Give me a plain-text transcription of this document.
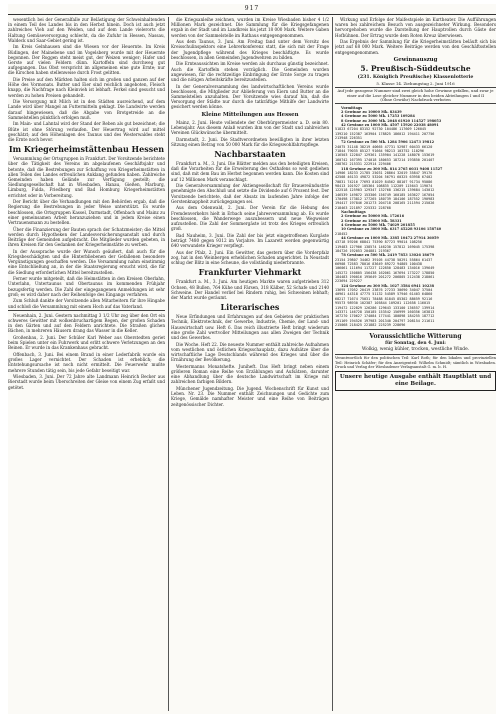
917

wesentlich bei der Generalfalle zur Belästigung der Schweinhaltenden in einem Teil des Landes bis in den Herbst hinein. Doch ist auch jetzt zahlreiches Vieh auf den Weiden, und auf dem Lande vielerorts die Haltung Gemüseversorgung schlecht, da die Zufuhr in Hessen, Nassau, Waldeck und Saar-Gebiet gering ist.

Im Kreis Gelnhausen sind die Wiesen vor der Heuernte. Im Kreis Büdingen, der Mainebene und im Vogelsberg wurde mit der Heuernte begonnen. Der Roggen steht meist gut, der Weizen weniger; Hafer und Gerste auf vielen Feldern dünn. Kartoffeln sind durchweg gut aufgegangen. Das Obst verspricht im allgemeinen eine gute Ernte; nur die Kirschen haben stellenweise durch Frost gelitten.

Die Preise auf den Märkten halten sich im großen und ganzen auf der Höhe des Vormonats. Butter und Eier sind reichlich angeboten, Fleisch knapp, die Nachfrage nach Kleinvieh ist lebhaft. Ferkel sind gesucht und werden zu hohen Preisen gehandelt.

Die Versorgung mit Milch ist in den Städten ausreichend, auf dem Lande wird über Mangel an Futtermitteln geklagt. Die Landwirte werden darauf hingewiesen, daß die Abgabe von Brotgetreide an die Sammelstellen pünktlich erfolgen muß.

Im Main- und Lahntal wird der Stand der Reben als gut bezeichnet; die Blüte ist ohne Störung verlaufen. Der Heuertrag wird auf mittel geschätzt; auf den Höhenlagen des Taunus und des Westerwaldes steht die Ernte noch bevor.

Im Kriegerheimstättenbau Hessen

Versammlung der Ortsgruppen in Frankfurt. Der Vorsitzende berichtete über die Tätigkeit des Vereins im abgelaufenen Geschäftsjahr und betonte, daß die Bestrebungen zur Schaffung von Kriegerheimstätten in allen Teilen des Landes erfreulichen Anklang gefunden haben. Zahlreiche Gemeinden haben Gelände zur Verfügung gestellt; die Siedlungsgesellschaft hat in Wiesbaden, Hanau, Gießen, Marburg, Limburg, Fulda, Friedberg und Bad Homburg Kriegerheimstätten errichtet oder in Vorbereitung.

Der Bericht über die Verhandlungen mit den Behörden ergab, daß die Regierung die Bestrebungen in jeder Weise unterstützt. Es wurde beschlossen, die Ortsgruppen Kassel, Darmstadt, Offenbach und Mainz zu einer gemeinsamen Arbeit heranzuziehen und in jedem Kreise einen Vertrauensmann zu bestellen.

Über die Finanzierung der Bauten sprach der Schatzmeister; die Mittel werden durch Hypotheken der Landesversicherungsanstalt und durch Beiträge der Gemeinden aufgebracht. Die Mitglieder wurden gebeten, in ihren Kreisen für den Gedanken der Kriegerheimstätte zu werben.

In der Aussprache wurde der Wunsch geäußert, daß auch für die Kriegsbeschädigten und die Hinterbliebenen der Gefallenen besondere Vergünstigungen geschaffen werden. Die Versammlung nahm einstimmig eine Entschließung an, in der die Staatsregierung ersucht wird, die für die Siedlung erforderlichen Mittel bereitzustellen.

Ferner wurde mitgeteilt, daß die Heimstätten in den Kreisen Oberlahn, Unterlahn, Untertaunus und Obertaunus im kommenden Frühjahr bezugsfertig werden. Die Zahl der eingegangenen Anmeldungen ist sehr groß; es wird daher nach der Reihenfolge des Eingangs verfahren.

Zum Schluß dankte der Vorsitzende allen Mitarbeitern für ihre Hingabe und schloß die Versammlung mit einem Hoch auf das Vaterland.

Neuenhain, 2. Juni. Gestern nachmittag 3 1/2 Uhr zog über den Ort ein schweres Gewitter mit wolkenbruchartigem Regen, der großen Schaden in den Gärten und auf den Feldern anrichtete. Die Straßen glichen Bächen, in mehreren Häusern drang das Wasser in die Keller.

Großenbau, 2. Juni. Der Schüler Karl Weber aus Oberstedten geriet beim Spielen unter ein Fuhrwerk und erlitt schwere Verletzungen an den Beinen. Er wurde in das Krankenhaus gebracht.

Offenbach, 3. Juni. Bei einem Brand in einer Lederfabrik wurde ein großes Lager vernichtet. Der Schaden ist erheblich; die Entstehungsursache ist noch nicht ermittelt. Die Feuerwehr mußte mehrere Stunden tätig sein, bis jede Gefahr beseitigt war.

Wiesbaden, 3. Juni. Der 72 Jahre alte Landmann Heinrich Becker aus Bierstadt wurde beim Überschreiten der Gleise von einem Zug erfaßt und getötet.

die Kriegsanleihe zeichnen, wurden im Kreise Wiesbaden bisher 4 1/2 Millionen Mark gezeichnet. Die Sammlung für die Kriegsgefangenen ergab in der Stadt und im Landkreis bis jetzt 18 000 Mark. Weitere Gaben werden von der Sammelstelle im Rathaus entgegengenommen.

Aus dem Taunus, 3. Juni. Am Freitag fand unter dem Vorsitz des Kreisschulinspektors eine Lehrerkonferenz statt, die sich mit der Frage der Jugendpflege während des Krieges beschäftigte. Es wurde beschlossen, in allen Gemeinden Jugendwehren zu bilden.

Die Ernteaussichten im Kreise werden als durchaus günstig bezeichnet. Auch die Kartoffeln stehen vorzüglich. Die Gemeinden wurden angewiesen, für die rechtzeitige Einbringung der Ernte Sorge zu tragen und die nötigen Arbeitskräfte bereitzustellen.

In der Generalversammlung des landwirtschaftlichen Vereins wurde beschlossen, die Mitglieder zur Ablieferung von Eiern und Butter an die Sammelstellen anzuhalten. Der Vorsitzende wies darauf hin, daß die Versorgung der Städte nur durch die tatkräftige Mithilfe der Landwirte gesichert werden könne.

Kleine Mitteilungen aus Hessen

Mainz, 2. Juni. Heute vollendete der Oberbürgermeister a. D. sein 80. Lebensjahr. Aus diesem Anlaß wurden ihm von der Stadt und zahlreichen Vereinen Glückwünsche übermittelt.

Darmstadt, 2. Juni. Die Stadtverordneten bewilligten in ihrer letzten Sitzung einen Betrag von 50 000 Mark für die Kriegswohlfahrtspflege.

Nachbarstaaten

Frankfurt a. M., 3. Juni. Die Blätter melden aus den beteiligten Kreisen, daß die Vorarbeiten für die Erweiterung des Osthafens so weit gediehen sind, daß mit dem Bau im Herbst begonnen werden kann. Die Kosten sind auf 12 Millionen Mark veranschlagt.

Die Generalversammlung der Aktiengesellschaft für Brauereiindustrie genehmigte den Abschluß und setzte die Dividende auf 6 Prozent fest. Der Vorsitzende berichtete, daß der Absatz im laufenden Jahre infolge der Gerstenknappheit zurückgegangen sei.

Aus dem Odenwald, 2. Juni. Der Verein für die Hebung des Fremdenverkehrs hielt in Erbach seine Jahresversammlung ab. Es wurde beschlossen, die Wanderwege auszubessern und neue Wegweiser aufzustellen. Die Zahl der Sommergäste ist trotz des Krieges erfreulich groß.

Bad Nauheim, 3. Juni. Die Zahl der bis jetzt eingetroffenen Kurgäste beträgt 7480 gegen 9312 im Vorjahre. Im Lazarett werden gegenwärtig 640 verwundete Krieger verpflegt.

Aus der Pfalz, 2. Juni. Ein Gewitter, das gestern über die Vorderpfalz zog, hat in den Weinbergen erheblichen Schaden angerichtet. In Neustadt schlug der Blitz in eine Scheune, die vollständig niederbrannte.

Frankfurter Viehmarkt

Frankfurt a. M., 3. Juni. Am heutigen Markte waren aufgetrieben 312 Ochsen, 48 Bullen, 764 Kühe und Färsen, 318 Kälber, 52 Schafe und 2140 Schweine. Der Handel verlief bei Rindern ruhig, bei Schweinen lebhaft; der Markt wurde geräumt.

Literarisches

Neue Erfindungen und Erfahrungen auf den Gebieten der praktischen Technik, Elektrotechnik, der Gewerbe, Industrie, Chemie, der Land- und Hauswirtschaft usw. Heft 6. Das reich illustrierte Heft bringt wiederum eine große Zahl wertvoller Mitteilungen aus allen Zweigen der Technik und des Gewerbes.

Die Woche. Heft 22. Die neueste Nummer enthält zahlreiche Aufnahmen vom westlichen und östlichen Kriegsschauplatz, dazu Aufsätze über die wirtschaftliche Lage Deutschlands während des Krieges und über die Ernährung der Bevölkerung.

Westermanns Monatshefte. Juniheft. Das Heft bringt neben einem größeren Roman eine Reihe von Erzählungen und Aufsätzen, darunter eine Abhandlung über die deutsche Landwirtschaft im Kriege mit zahlreichen farbigen Bildern.

Münchener Jugendzeitung. Die Jugend. Wochenschrift für Kunst und Leben. Nr. 23. Die Nummer enthält Zeichnungen und Gedichte zum Kriege, Gemälde namhafter Meister und eine Reihe von Beiträgen zeitgenössischer Dichter.

Wirkung und Erfolge der Maifestspiele im Kurtheater. Die Aufführungen waren bei zahlreichem Besuch von ausgezeichneter Wirkung. Besonders hervorgehoben wurde die Darstellung der Hauptrollen durch Gäste der Hofbühnen. Der Ertrag wurde dem Roten Kreuz überwiesen.

Das Ergebnis der Sammlung für die Kriegerheimstätten beläuft sich bis jetzt auf 68 000 Mark. Weitere Beiträge werden von den Geschäftsstellen entgegengenommen.

Gewinnauszug
5. Preußisch-Süddeutsche
(231. Königlich Preußische) Klassenlotterie
5. Klasse 14. Ziehungstag 2. Juni 1916
Auf jede gezogene Nummer sind zwei gleich hohe Gewinne gefallen, und zwar je einer auf die Lose gleicher Nummer in den beiden Abteilungen I und II
(Ohne Gewähr) Nachdruck verboten
Vormittags
2 Gewinne zu 10000 Mk. 83439
4 Gewinne zu 5000 Mk. 17253 109284
8 Gewinne zu 3000 Mk. 2048 61920 114527 198053
42 Gewinne zu 1000 Mk. 4507 15920 22038 48091
51823 67204 83152 92730 104486 117609 126045
139210 152387 163904 178825 186012 194411 207756
213948 226351
72 Gewinne zu 500 Mk. 1284 5906 12473 19812
24075 31148 38219 40665 47731 52987 60433 66120
71844 79035 85127 91664 98213 103752 110296
116503 122847 129361 135904 141228 148076 153619
160742 167395 174018 180653 187214 193850 201407
208762 215331 222914 229406
118 Gewinne zu 300 Mk. 814 2765 6031 9408 11527
14906 18233 21785 25031 28864 32019 35847 39176
42508 46133 49872 53204 56791 60325 63958 67402
70831 74216 77693 81029 84562 88107 91734 95086
98413 101927 105364 108835 112209 115643 119074
122518 125903 129347 132768 136215 139684 143012
146539 149872 153306 156749 160185 163627 167054
170498 173812 177265 180739 184106 187552 190983
194417 197846 201273 204718 208165 211594 215026
218463 221897 225332 228768
Nachmittags
2 Gewinne zu 50000 Mk. 172616
2 Gewinne zu 15000 Mk. 58331
4 Gewinne zu 5000 Mk. 74029 201855
10 Gewinne zu 3000 Mk. 6317 45228 93106 158740
218452
44 Gewinne zu 1000 Mk. 3385 10472 27914 36059
43718 59206 68841 75390 87723 99014 108256
119483 127906 138574 146230 157812 169045 175398
184726 192053 204881 219367
78 Gewinne zu 500 Mk. 2419 7853 13026 18679
23154 29807 34462 39105 44738 50291 55864 61437
66908 72583 78016 83649 89272 94805 100438
106061 111694 117227 122850 128483 134016 139649
145272 150805 156438 162061 167694 173227 178850
184483 190016 195649 201272 206805 212438 218061
223694 229227
124 Gewinne zu 300 Mk. 1027 3584 6941 10238
13695 17052 20419 23876 27233 30690 34047 37504
40961 44318 47775 51132 54589 57946 61403 64860
68217 71674 75031 78488 81845 85302 88659 92116
95573 98930 102387 105844 109201 112658 116015
119472 122829 126286 129643 133100 136557 139914
143371 146728 150185 153542 156999 160356 163813
167270 170627 174084 177441 180898 184255 187712
191169 194526 197983 201340 204797 208154 211611
215068 218425 221882 225239 228696
Voraussichtliche Witterung
für Sonntag, den 4. Juni:
Wolkig, wenig kühler, trocken, westliche Winde.
Verantwortlich für den politischen Teil: Karl Roth; für den lokalen und provinziellen Teil: Heinrich Schäfer; für den Anzeigenteil: Wilhelm Schmidt; sämtlich in Wiesbaden. Druck und Verlag der Wiesbadener Verlagsanstalt G. m. b. H.
Unsere heutige Ausgabe enthält Hauptblatt und eine Beilage.
